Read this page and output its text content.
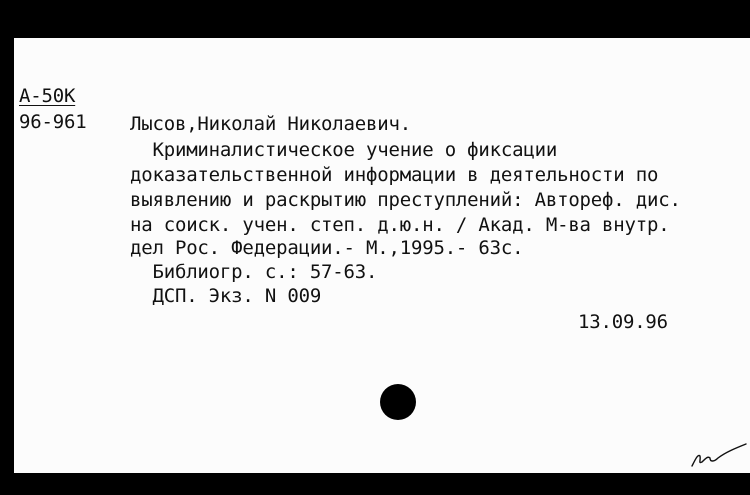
А-50К
96-961 Лысов,Николай Николаевич.
Криминалистическое учение о фиксации
доказательственной информации в деятельности по
выявлению и раскрытию преступлений: Автореф. дис.
на соиск. учен. степ. д.ю.н. / Акад. М-ва внутр.
дел Рос. Федерации.- М.,1995.- 63с.
Библиогр. с.: 57-63.
ДСП. Экз. N 009
13.09.96
